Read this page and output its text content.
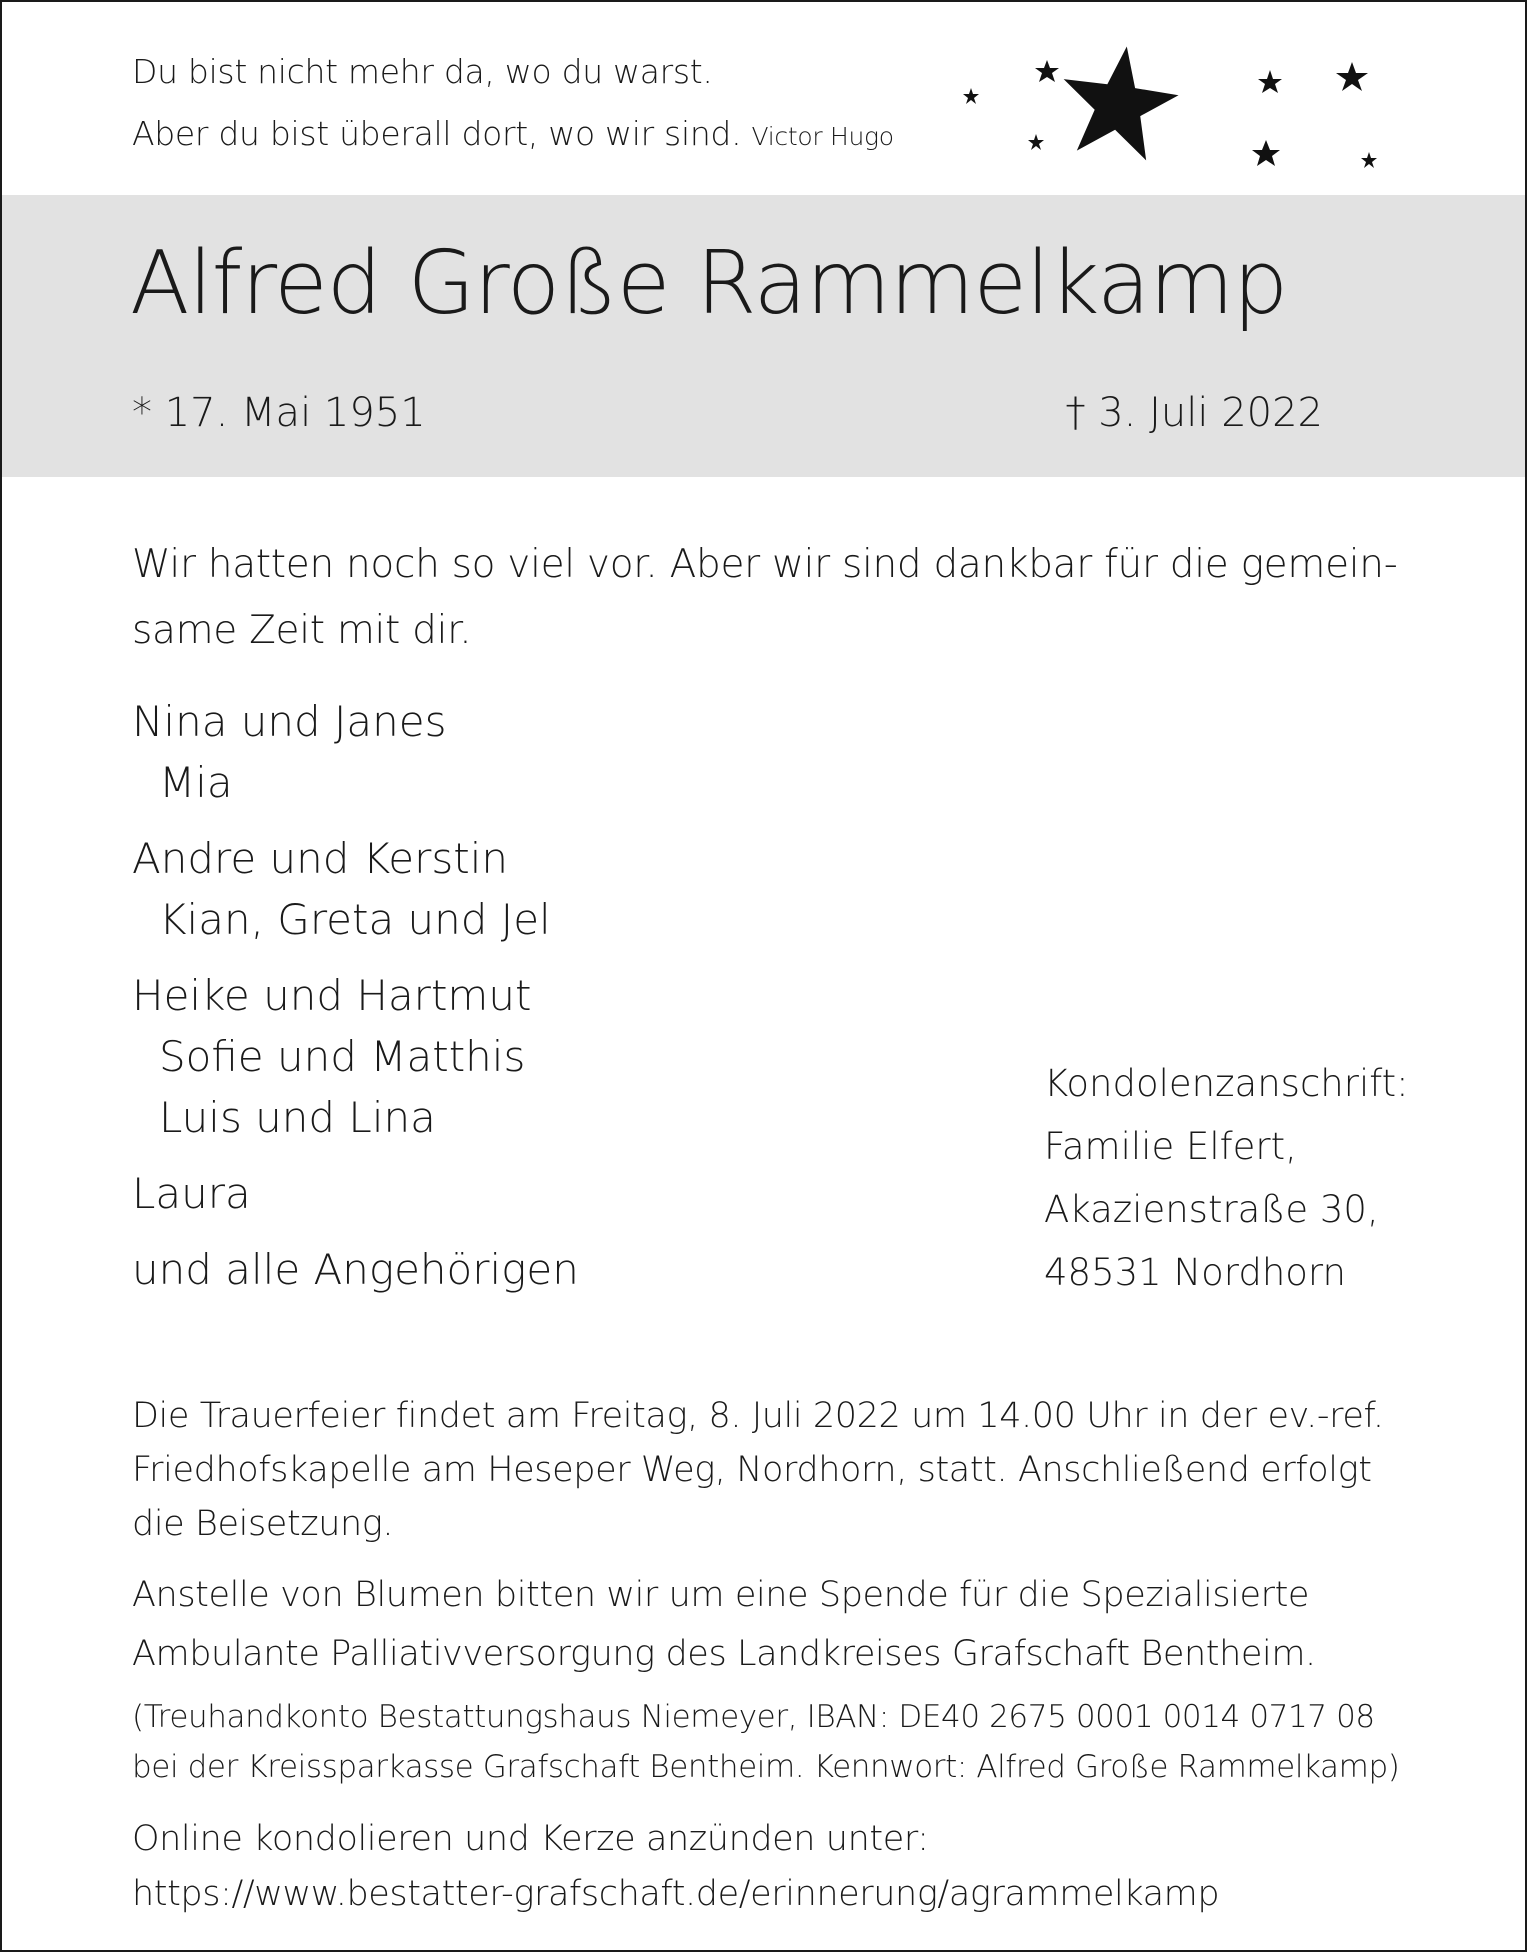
Du bist nicht mehr da, wo du warst.
Aber du bist überall dort, wo wir sind. Victor Hugo
Alfred Große Rammelkamp
* 17. Mai 1951	† 3. Juli 2022
Wir hatten noch so viel vor. Aber wir sind dankbar für die gemein-
same Zeit mit dir.
Nina und Janes
Mia
Andre und Kerstin
Kian, Greta und Jel
Heike und Hartmut
Sofie und Matthis
Luis und Lina
Laura
und alle Angehörigen
Kondolenzanschrift:
Familie Elfert,
Akazienstraße 30,
48531 Nordhorn
Die Trauerfeier findet am Freitag, 8. Juli 2022 um 14.00 Uhr in der ev.-ref.
Friedhofskapelle am Heseper Weg, Nordhorn, statt. Anschließend erfolgt
die Beisetzung.
Anstelle von Blumen bitten wir um eine Spende für die Spezialisierte
Ambulante Palliativversorgung des Landkreises Grafschaft Bentheim.
(Treuhandkonto Bestattungshaus Niemeyer, IBAN: DE40 2675 0001 0014 0717 08
bei der Kreissparkasse Grafschaft Bentheim. Kennwort: Alfred Große Rammelkamp)
Online kondolieren und Kerze anzünden unter:
https://www.bestatter-grafschaft.de/erinnerung/agrammelkamp
